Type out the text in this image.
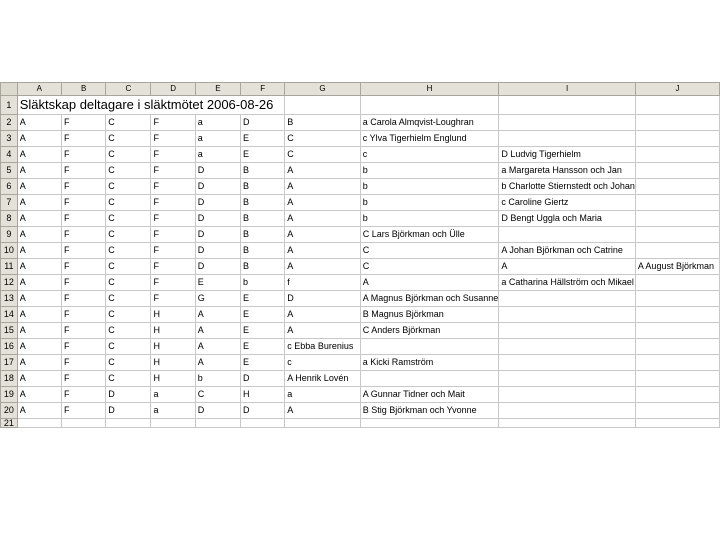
	A	B	C	D	E	F	G	H	I	J
1	Släktskap deltagare i släktmötet 2006-08-26									
2	A	F	C	F	a	D	B	a Carola Almqvist-Loughran		
3	A	F	C	F	a	E	C	c Ylva Tigerhielm Englund		
4	A	F	C	F	a	E	C	c	D Ludvig Tigerhielm	
5	A	F	C	F	D	B	A	b	a Margareta Hansson och Jan	
6	A	F	C	F	D	B	A	b	b Charlotte Stiernstedt och Johan	
7	A	F	C	F	D	B	A	b	c Caroline Giertz	
8	A	F	C	F	D	B	A	b	D Bengt Uggla och Maria	
9	A	F	C	F	D	B	A	C Lars Björkman och Ülle		
10	A	F	C	F	D	B	A	C	A Johan Björkman och Catrine	
11	A	F	C	F	D	B	A	C	A	A August Björkman
12	A	F	C	F	E	b	f	A	a Catharina Hällström och Mikael	
13	A	F	C	F	G	E	D	A Magnus Björkman och Susanne		
14	A	F	C	H	A	E	A	B Magnus Björkman		
15	A	F	C	H	A	E	A	C Anders Björkman		
16	A	F	C	H	A	E	c Ebba Burenius			
17	A	F	C	H	A	E	c	a Kicki Ramström		
18	A	F	C	H	b	D	A Henrik Lovén			
19	A	F	D	a	C	H	a	A Gunnar Tidner och Mait		
20	A	F	D	a	D	D	A	B Stig Björkman och Yvonne		
21										
